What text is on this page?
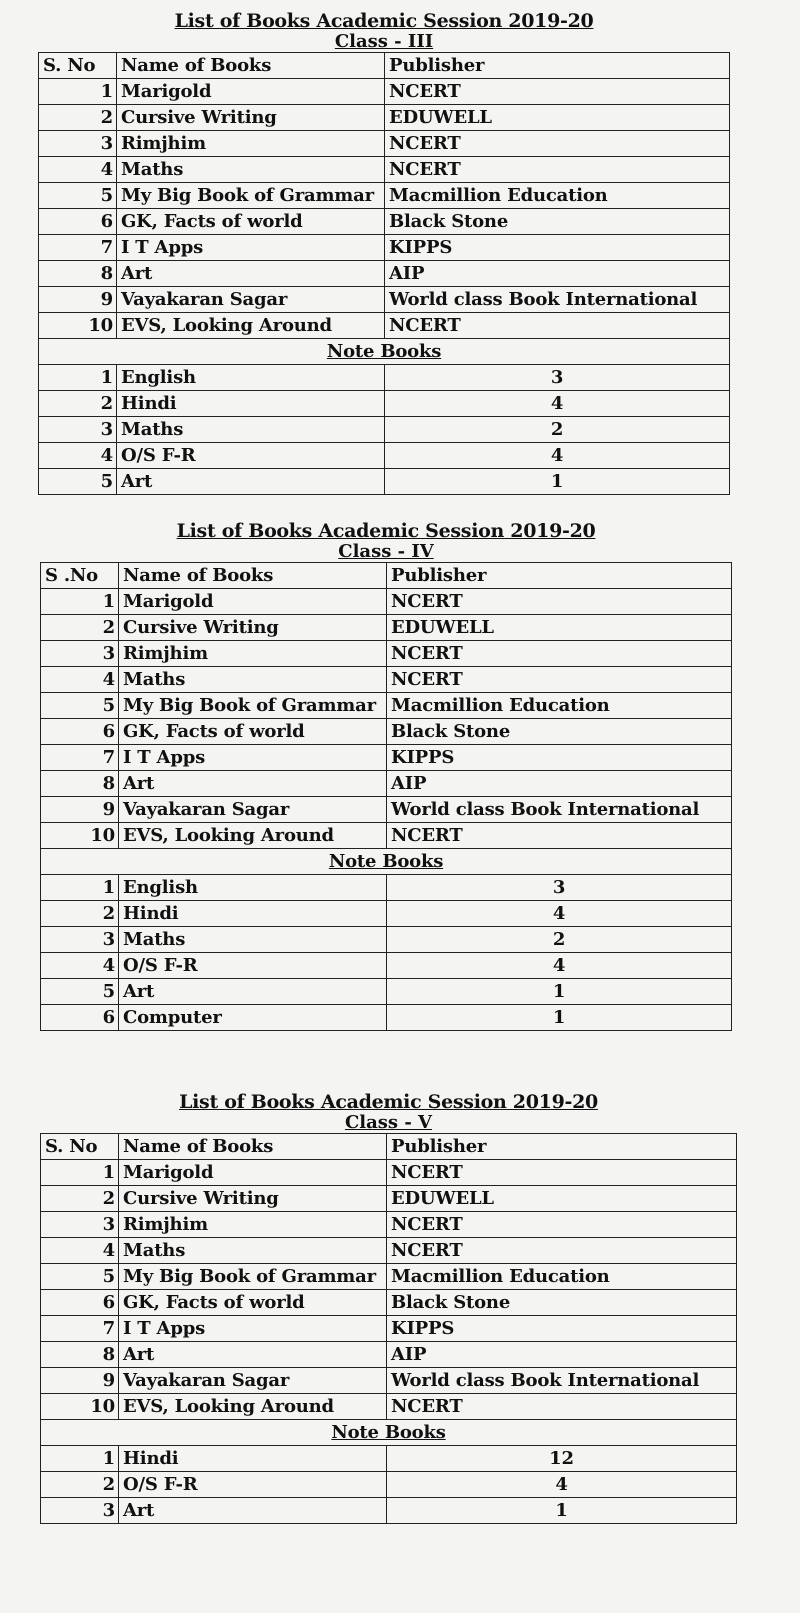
List of Books Academic Session 2019-20
Class - III
S. No	Name of Books	Publisher
1	Marigold	NCERT
2	Cursive Writing	EDUWELL
3	Rimjhim	NCERT
4	Maths	NCERT
5	My Big Book of Grammar	Macmillion Education
6	GK, Facts of world	Black Stone
7	I T Apps	KIPPS
8	Art	AIP
9	Vayakaran Sagar	World class Book International
10	EVS, Looking Around	NCERT
Note Books		
1	English	3
2	Hindi	4
3	Maths	2
4	O/S F-R	4
5	Art	1
List of Books Academic Session 2019-20
Class - IV
S .No	Name of Books	Publisher
1	Marigold	NCERT
2	Cursive Writing	EDUWELL
3	Rimjhim	NCERT
4	Maths	NCERT
5	My Big Book of Grammar	Macmillion Education
6	GK, Facts of world	Black Stone
7	I T Apps	KIPPS
8	Art	AIP
9	Vayakaran Sagar	World class Book International
10	EVS, Looking Around	NCERT
Note Books		
1	English	3
2	Hindi	4
3	Maths	2
4	O/S F-R	4
5	Art	1
6	Computer	1
List of Books Academic Session 2019-20
Class - V
S. No	Name of Books	Publisher
1	Marigold	NCERT
2	Cursive Writing	EDUWELL
3	Rimjhim	NCERT
4	Maths	NCERT
5	My Big Book of Grammar	Macmillion Education
6	GK, Facts of world	Black Stone
7	I T Apps	KIPPS
8	Art	AIP
9	Vayakaran Sagar	World class Book International
10	EVS, Looking Around	NCERT
Note Books		
1	Hindi	12
2	O/S F-R	4
3	Art	1
